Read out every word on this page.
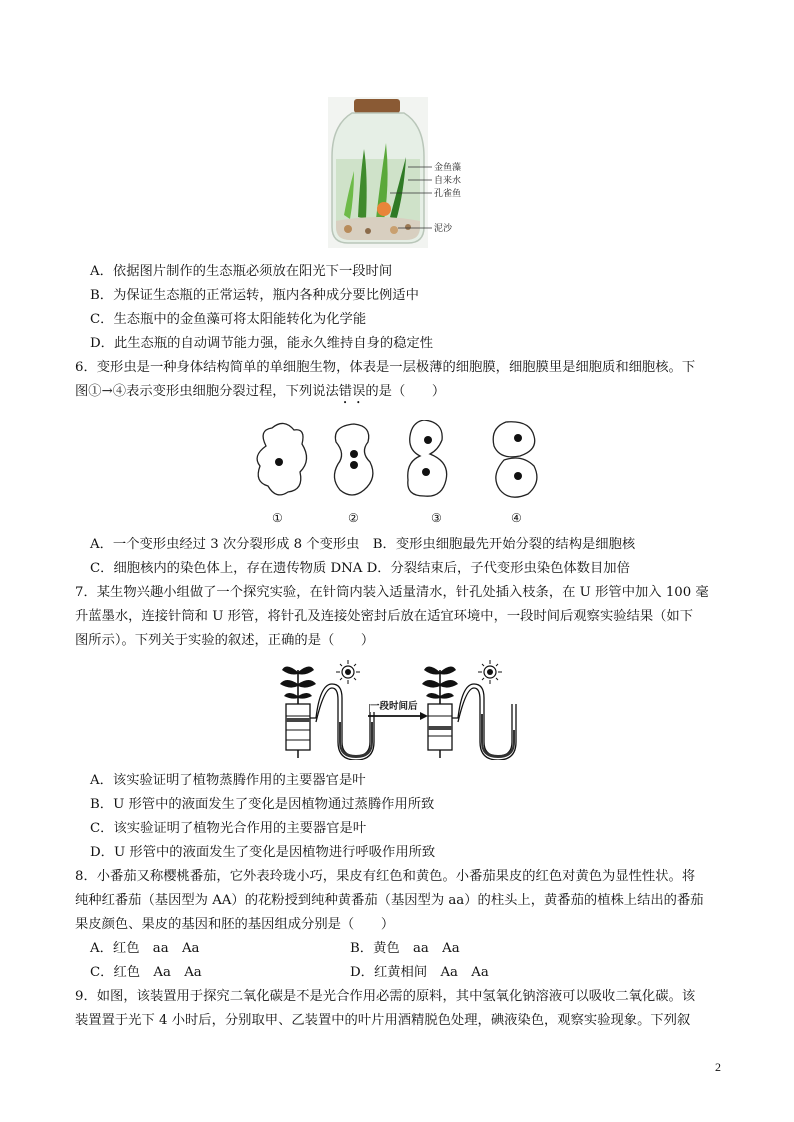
金鱼藻
自来水
孔雀鱼
泥沙
A．依据图片制作的生态瓶必须放在阳光下一段时间
B．为保证生态瓶的正常运转，瓶内各种成分要比例适中
C．生态瓶中的金鱼藻可将太阳能转化为化学能
D．此生态瓶的自动调节能力强，能永久维持自身的稳定性
6．变形虫是一种身体结构简单的单细胞生物，体表是一层极薄的细胞膜，细胞膜里是细胞质和细胞核。下
图①→④表示变形虫细胞分裂过程，下列说法错误的是（　　）
①	②	③	④
A．一个变形虫经过 3 次分裂形成 8 个变形虫　B．变形虫细胞最先开始分裂的结构是细胞核
C．细胞核内的染色体上，存在遗传物质 DNA D．分裂结束后，子代变形虫染色体数目加倍
7．某生物兴趣小组做了一个探究实验，在针筒内装入适量清水，针孔处插入枝条，在 U 形管中加入 100 毫
升蓝墨水，连接针筒和 U 形管，将针孔及连接处密封后放在适宜环境中，一段时间后观察实验结果（如下
图所示）。下列关于实验的叙述，正确的是（　　）
一段时间后
A．该实验证明了植物蒸腾作用的主要器官是叶
B．U 形管中的液面发生了变化是因植物通过蒸腾作用所致
C．该实验证明了植物光合作用的主要器官是叶
D．U 形管中的液面发生了变化是因植物进行呼吸作用所致
8．小番茄又称樱桃番茄，它外表玲珑小巧，果皮有红色和黄色。小番茄果皮的红色对黄色为显性性状。将
纯种红番茄（基因型为 AA）的花粉授到纯种黄番茄（基因型为 aa）的柱头上，黄番茄的植株上结出的番茄
果皮颜色、果皮的基因和胚的基因组成分别是（　　）
A．红色　aa　Aa	B．黄色　aa　Aa
C．红色　Aa　Aa	D．红黄相间　Aa　Aa
9．如图，该装置用于探究二氧化碳是不是光合作用必需的原料，其中氢氧化钠溶液可以吸收二氧化碳。该
装置置于光下 4 小时后，分别取甲、乙装置中的叶片用酒精脱色处理，碘液染色，观察实验现象。下列叙
2
